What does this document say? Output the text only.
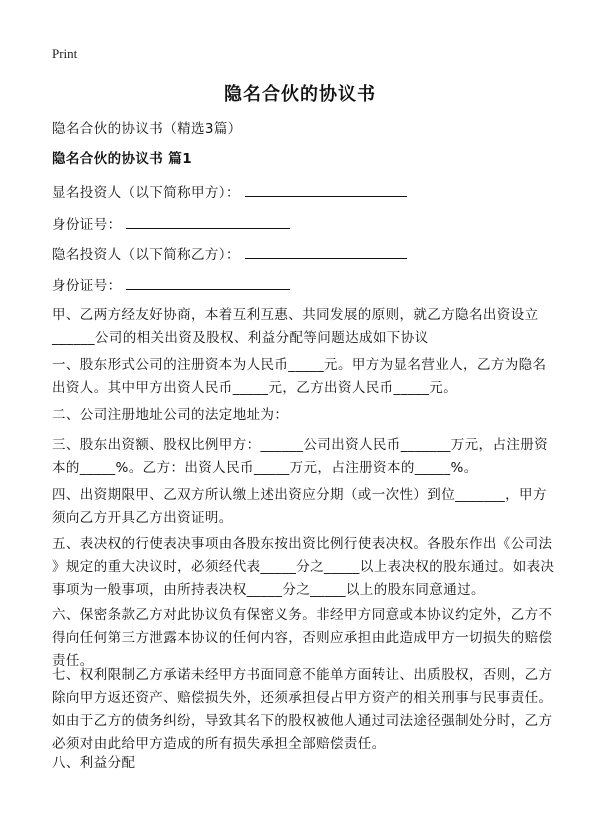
Print
隐名合伙的协议书
隐名合伙的协议书（精选3篇）
隐名合伙的协议书 篇1
显名投资人（以下简称甲方）：
身份证号：
隐名投资人（以下简称乙方）：
身份证号：
甲、乙两方经友好协商，本着互利互惠、共同发展的原则，就乙方隐名出资设立
______公司的相关出资及股权、利益分配等问题达成如下协议
一、股东形式公司的注册资本为人民币_____元。甲方为显名营业人，乙方为隐名
出资人。其中甲方出资人民币_____元，乙方出资人民币_____元。
二、公司注册地址公司的法定地址为：
三、股东出资额、股权比例甲方：______公司出资人民币_______万元，占注册资
本的_____%。乙方：出资人民币_____万元，占注册资本的_____%。
四、出资期限甲、乙双方所认缴上述出资应分期（或一次性）到位_______，甲方
须向乙方开具乙方出资证明。
五、表决权的行使表决事项由各股东按出资比例行使表决权。各股东作出《公司法
》规定的重大决议时，必须经代表_____分之_____以上表决权的股东通过。如表决
事项为一般事项，由所持表决权_____分之_____以上的股东同意通过。
六、保密条款乙方对此协议负有保密义务。非经甲方同意或本协议约定外，乙方不
得向任何第三方泄露本协议的任何内容，否则应承担由此造成甲方一切损失的赔偿
责任。
七、权利限制乙方承诺未经甲方书面同意不能单方面转让、出质股权，否则，乙方
除向甲方返还资产、赔偿损失外，还须承担侵占甲方资产的相关刑事与民事责任。
如由于乙方的债务纠纷，导致其名下的股权被他人通过司法途径强制处分时，乙方
必须对由此给甲方造成的所有损失承担全部赔偿责任。
八、利益分配
